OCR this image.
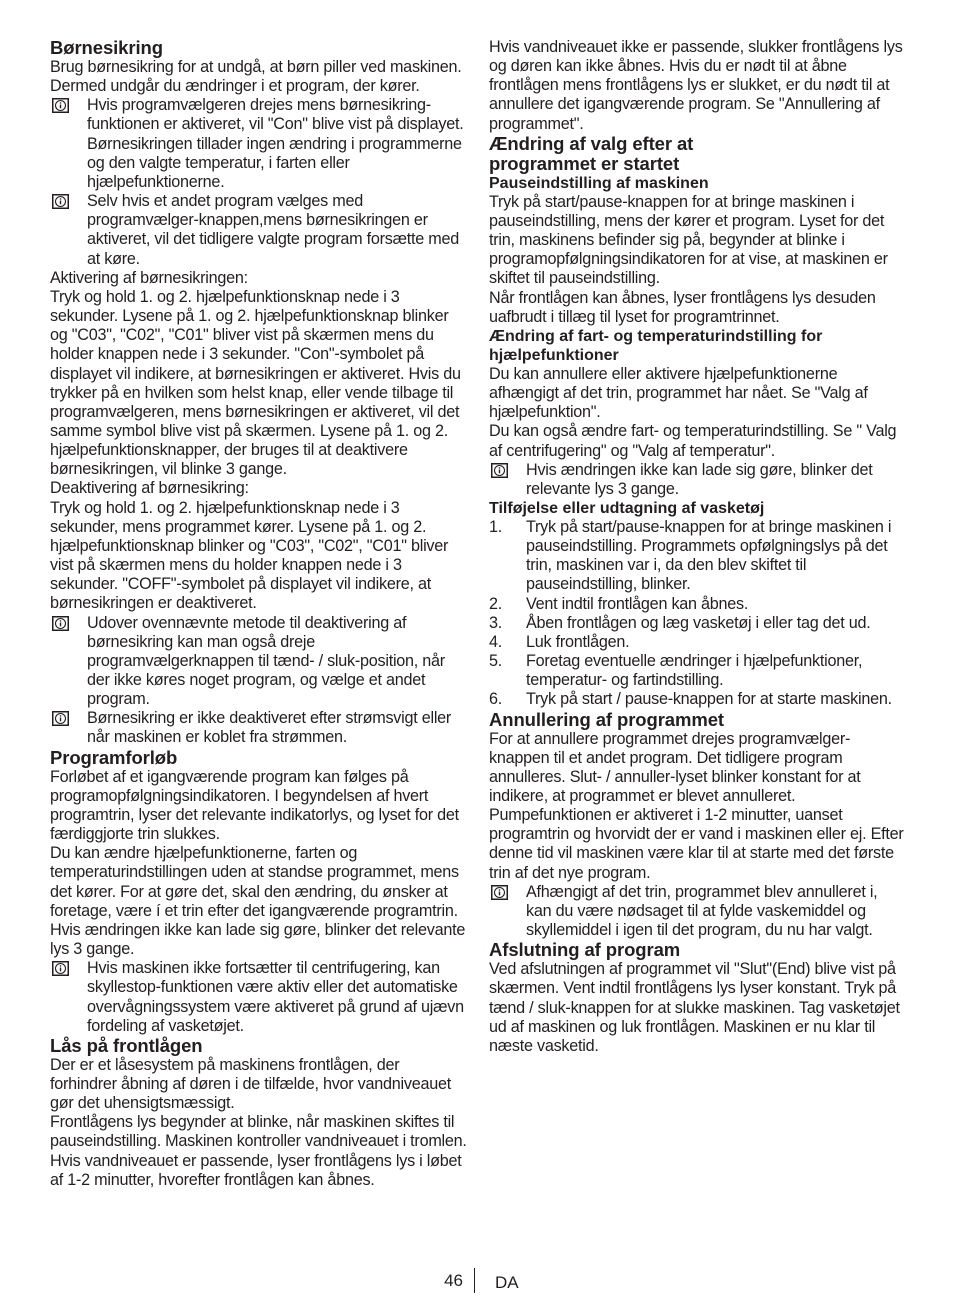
Børnesikring

Brug børnesikring for at undgå, at børn piller ved maskinen. Dermed undgår du ændringer i et program, der kører.

Hvis programvælgeren drejes mens børnesikring-funktionen er aktiveret, vil "Con" blive vist på displayet. Børnesikringen tillader ingen ændring i programmerne og den valgte temperatur, i farten eller hjælpefunktionerne.
Selv hvis et andet program vælges med programvælger-knappen,mens børnesikringen er aktiveret, vil det tidligere valgte program forsætte med at køre.

Aktivering af børnesikringen:

Tryk og hold 1. og 2. hjælpefunktionsknap nede i 3 sekunder. Lysene på 1. og 2. hjælpefunktionsknap blinker og "C03", "C02", "C01" bliver vist på skærmen mens du holder knappen nede i 3 sekunder. "Con"-symbolet på displayet vil indikere, at børnesikringen er aktiveret. Hvis du trykker på en hvilken som helst knap, eller vende tilbage til programvælgeren, mens børnesikringen er aktiveret, vil det samme symbol blive vist på skærmen. Lysene på 1. og 2. hjælpefunktionsknapper, der bruges til at deaktivere børnesikringen, vil blinke 3 gange.

Deaktivering af børnesikring:

Tryk og hold 1. og 2. hjælpefunktionsknap nede i 3 sekunder, mens programmet kører. Lysene på 1. og 2. hjælpefunktionsknap blinker og "C03", "C02", "C01" bliver vist på skærmen mens du holder knappen nede i 3 sekunder. "COFF"-symbolet på displayet vil indikere, at børnesikringen er deaktiveret.

Udover ovennævnte metode til deaktivering af børnesikring kan man også dreje programvælgerknappen til tænd- / sluk-position, når der ikke køres noget program, og vælge et andet program.
Børnesikring er ikke deaktiveret efter strømsvigt eller når maskinen er koblet fra strømmen.
Programforløb

Forløbet af et igangværende program kan følges på programopfølgningsindikatoren. I begyndelsen af hvert programtrin, lyser det relevante indikatorlys, og lyset for det færdiggjorte trin slukkes.

Du kan ændre hjælpefunktionerne, farten og temperaturindstillingen uden at standse programmet, mens det kører. For at gøre det, skal den ændring, du ønsker at foretage, være í et trin efter det igangværende programtrin. Hvis ændringen ikke kan lade sig gøre, blinker det relevante lys 3 gange.

Hvis maskinen ikke fortsætter til centrifugering, kan skyllestop-funktionen være aktiv eller det automatiske overvågningssystem være aktiveret på grund af ujævn fordeling af vasketøjet.
Lås på frontlågen

Der er et låsesystem på maskinens frontlågen, der forhindrer åbning af døren i de tilfælde, hvor vandniveauet gør det uhensigtsmæssigt.

Frontlågens lys begynder at blinke, når maskinen skiftes til pauseindstilling. Maskinen kontroller vandniveauet i tromlen. Hvis vandniveauet er passende, lyser frontlågens lys i løbet af 1-2 minutter, hvorefter frontlågen kan åbnes.

Hvis vandniveauet ikke er passende, slukker frontlågens lys og døren kan ikke åbnes. Hvis du er nødt til at åbne frontlågen mens frontlågens lys er slukket, er du nødt til at annullere det igangværende program. Se "Annullering af programmet".

Ændring af valg efter at
programmet er startet
Pauseindstilling af maskinen

Tryk på start/pause-knappen for at bringe maskinen i pauseindstilling, mens der kører et program. Lyset for det trin, maskinens befinder sig på, begynder at blinke i programopfølgningsindikatoren for at vise, at maskinen er skiftet til pauseindstilling.

Når frontlågen kan åbnes, lyser frontlågens lys desuden uafbrudt i tillæg til lyset for programtrinnet.

Ændring af fart- og temperaturindstilling for hjælpefunktioner

Du kan annullere eller aktivere hjælpefunktionerne afhængigt af det trin, programmet har nået. Se "Valg af hjælpefunktion".

Du kan også ændre fart- og temperaturindstilling. Se " Valg af centrifugering" og "Valg af temperatur".

Hvis ændringen ikke kan lade sig gøre, blinker det relevante lys 3 gange.
Tilføjelse eller udtagning af vasketøj
1. Tryk på start/pause-knappen for at bringe maskinen i pauseindstilling. Programmets opfølgningslys på det trin, maskinen var i, da den blev skiftet til pauseindstilling, blinker.
2. Vent indtil frontlågen kan åbnes.
3. Åben frontlågen og læg vasketøj i eller tag det ud.
4. Luk frontlågen.
5. Foretag eventuelle ændringer i hjælpefunktioner, temperatur- og fartindstilling.
6. Tryk på start / pause-knappen for at starte maskinen.
Annullering af programmet

For at annullere programmet drejes programvælger-knappen til et andet program. Det tidligere program annulleres. Slut- / annuller-lyset blinker konstant for at indikere, at programmet er blevet annulleret. Pumpefunktionen er aktiveret i 1-2 minutter, uanset programtrin og hvorvidt der er vand i maskinen eller ej. Efter denne tid vil maskinen være klar til at starte med det første trin af det nye program.

Afhængigt af det trin, programmet blev annulleret i, kan du være nødsaget til at fylde vaskemiddel og skyllemiddel i igen til det program, du nu har valgt.
Afslutning af program

Ved afslutningen af programmet vil "Slut"(End) blive vist på skærmen. Vent indtil frontlågens lys lyser konstant. Tryk på tænd / sluk-knappen for at slukke maskinen. Tag vasketøjet ud af maskinen og luk frontlågen. Maskinen er nu klar til næste vasketid.

46 DA
